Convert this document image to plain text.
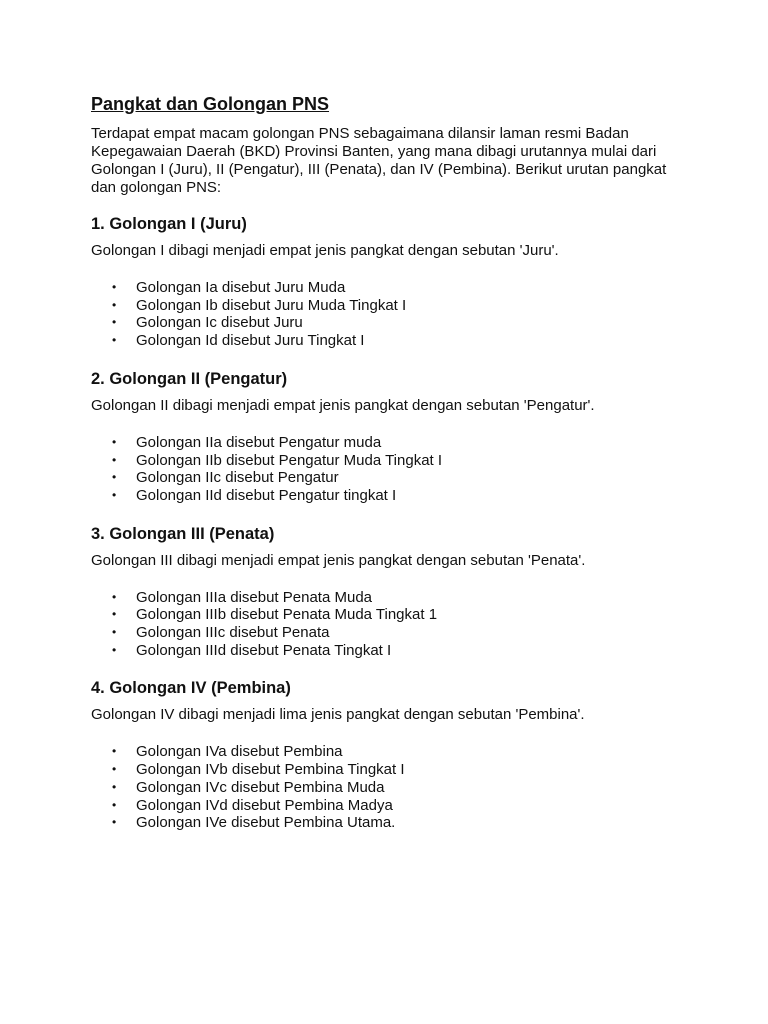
Pangkat dan Golongan PNS

Terdapat empat macam golongan PNS sebagaimana dilansir laman resmi Badan Kepegawaian Daerah (BKD) Provinsi Banten, yang mana dibagi urutannya mulai dari Golongan I (Juru), II (Pengatur), III (Penata), dan IV (Pembina). Berikut urutan pangkat dan golongan PNS:

1. Golongan I (Juru)

Golongan I dibagi menjadi empat jenis pangkat dengan sebutan 'Juru'.

• Golongan Ia disebut Juru Muda
• Golongan Ib disebut Juru Muda Tingkat I
• Golongan Ic disebut Juru
• Golongan Id disebut Juru Tingkat I
2. Golongan II (Pengatur)

Golongan II dibagi menjadi empat jenis pangkat dengan sebutan 'Pengatur'.

• Golongan IIa disebut Pengatur muda
• Golongan IIb disebut Pengatur Muda Tingkat I
• Golongan IIc disebut Pengatur
• Golongan IId disebut Pengatur tingkat I
3. Golongan III (Penata)

Golongan III dibagi menjadi empat jenis pangkat dengan sebutan 'Penata'.

• Golongan IIIa disebut Penata Muda
• Golongan IIIb disebut Penata Muda Tingkat 1
• Golongan IIIc disebut Penata
• Golongan IIId disebut Penata Tingkat I
4. Golongan IV (Pembina)

Golongan IV dibagi menjadi lima jenis pangkat dengan sebutan 'Pembina'.

• Golongan IVa disebut Pembina
• Golongan IVb disebut Pembina Tingkat I
• Golongan IVc disebut Pembina Muda
• Golongan IVd disebut Pembina Madya
• Golongan IVe disebut Pembina Utama.
